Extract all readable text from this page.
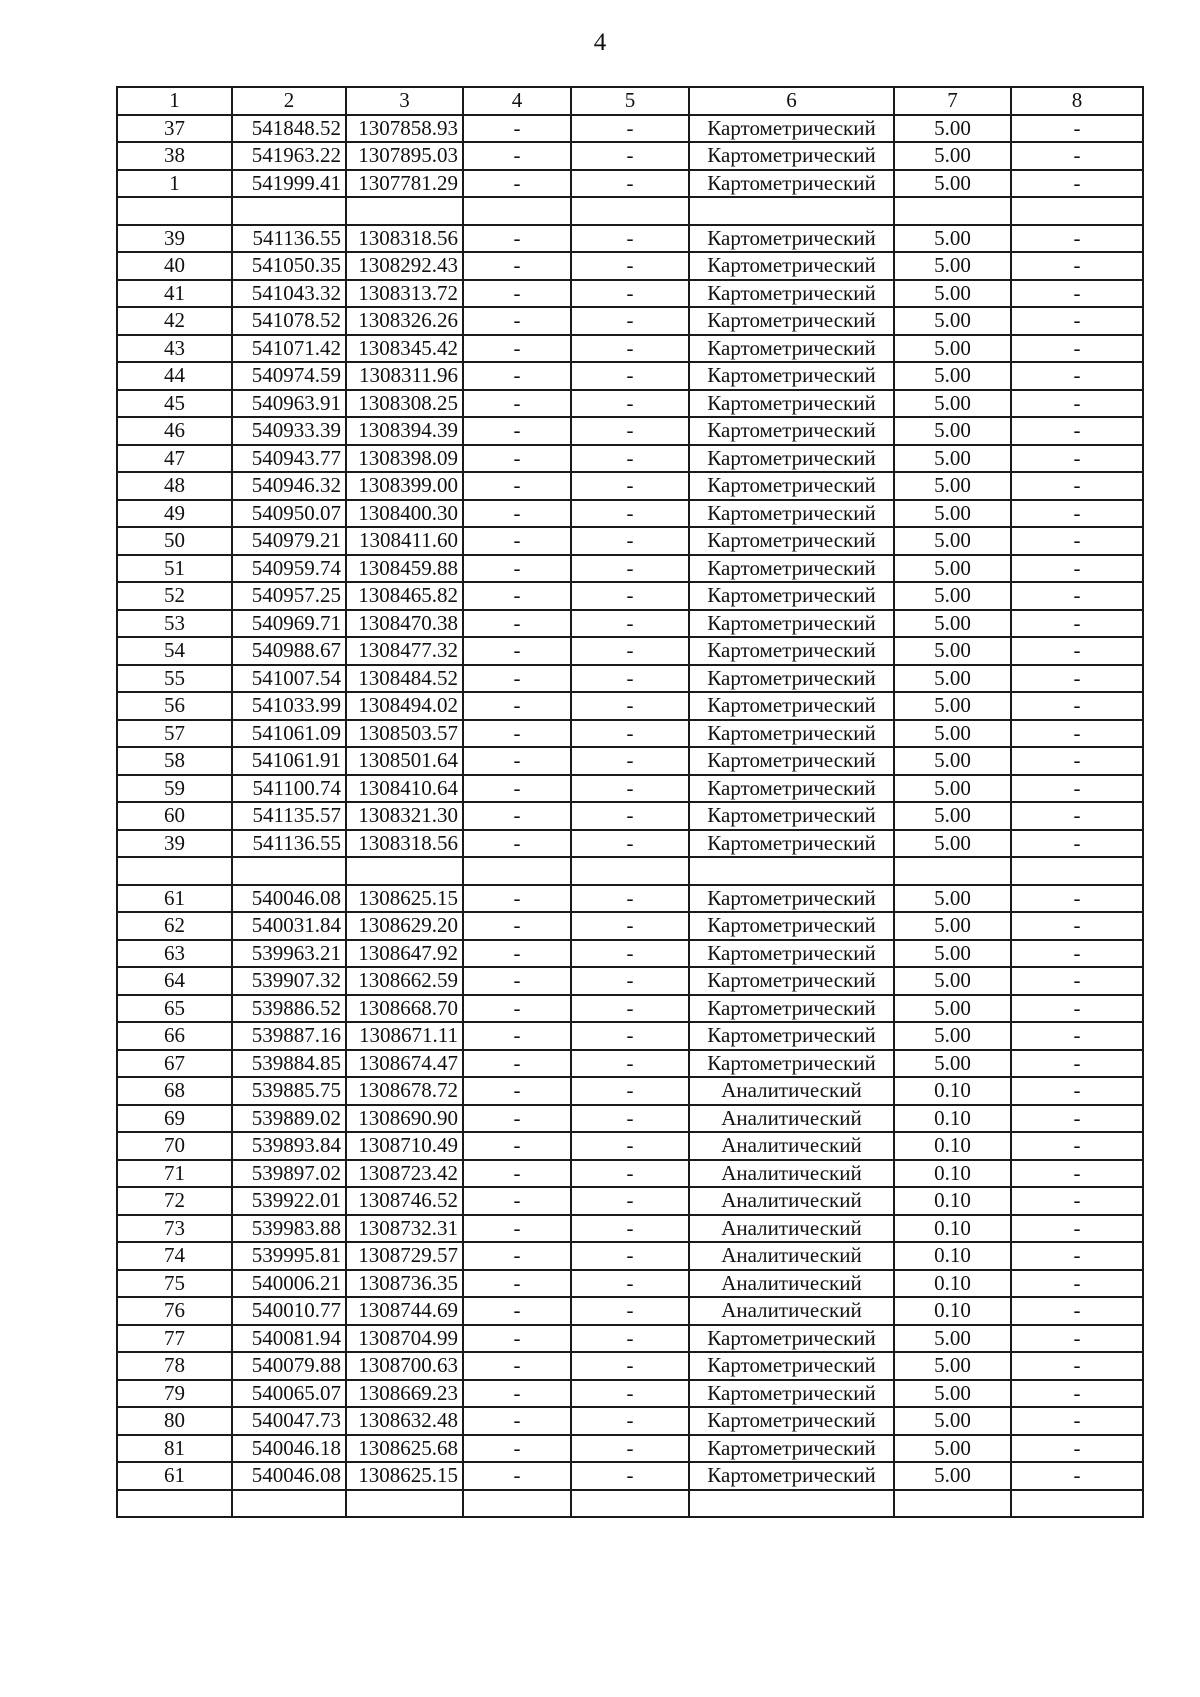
4
1	2	3	4	5	6	7	8
37	541848.52	1307858.93	-	-	Картометрический	5.00	-
38	541963.22	1307895.03	-	-	Картометрический	5.00	-
1	541999.41	1307781.29	-	-	Картометрический	5.00	-

39	541136.55	1308318.56	-	-	Картометрический	5.00	-
40	541050.35	1308292.43	-	-	Картометрический	5.00	-
41	541043.32	1308313.72	-	-	Картометрический	5.00	-
42	541078.52	1308326.26	-	-	Картометрический	5.00	-
43	541071.42	1308345.42	-	-	Картометрический	5.00	-
44	540974.59	1308311.96	-	-	Картометрический	5.00	-
45	540963.91	1308308.25	-	-	Картометрический	5.00	-
46	540933.39	1308394.39	-	-	Картометрический	5.00	-
47	540943.77	1308398.09	-	-	Картометрический	5.00	-
48	540946.32	1308399.00	-	-	Картометрический	5.00	-
49	540950.07	1308400.30	-	-	Картометрический	5.00	-
50	540979.21	1308411.60	-	-	Картометрический	5.00	-
51	540959.74	1308459.88	-	-	Картометрический	5.00	-
52	540957.25	1308465.82	-	-	Картометрический	5.00	-
53	540969.71	1308470.38	-	-	Картометрический	5.00	-
54	540988.67	1308477.32	-	-	Картометрический	5.00	-
55	541007.54	1308484.52	-	-	Картометрический	5.00	-
56	541033.99	1308494.02	-	-	Картометрический	5.00	-
57	541061.09	1308503.57	-	-	Картометрический	5.00	-
58	541061.91	1308501.64	-	-	Картометрический	5.00	-
59	541100.74	1308410.64	-	-	Картометрический	5.00	-
60	541135.57	1308321.30	-	-	Картометрический	5.00	-
39	541136.55	1308318.56	-	-	Картометрический	5.00	-

61	540046.08	1308625.15	-	-	Картометрический	5.00	-
62	540031.84	1308629.20	-	-	Картометрический	5.00	-
63	539963.21	1308647.92	-	-	Картометрический	5.00	-
64	539907.32	1308662.59	-	-	Картометрический	5.00	-
65	539886.52	1308668.70	-	-	Картометрический	5.00	-
66	539887.16	1308671.11	-	-	Картометрический	5.00	-
67	539884.85	1308674.47	-	-	Картометрический	5.00	-
68	539885.75	1308678.72	-	-	Аналитический	0.10	-
69	539889.02	1308690.90	-	-	Аналитический	0.10	-
70	539893.84	1308710.49	-	-	Аналитический	0.10	-
71	539897.02	1308723.42	-	-	Аналитический	0.10	-
72	539922.01	1308746.52	-	-	Аналитический	0.10	-
73	539983.88	1308732.31	-	-	Аналитический	0.10	-
74	539995.81	1308729.57	-	-	Аналитический	0.10	-
75	540006.21	1308736.35	-	-	Аналитический	0.10	-
76	540010.77	1308744.69	-	-	Аналитический	0.10	-
77	540081.94	1308704.99	-	-	Картометрический	5.00	-
78	540079.88	1308700.63	-	-	Картометрический	5.00	-
79	540065.07	1308669.23	-	-	Картометрический	5.00	-
80	540047.73	1308632.48	-	-	Картометрический	5.00	-
81	540046.18	1308625.68	-	-	Картометрический	5.00	-
61	540046.08	1308625.15	-	-	Картометрический	5.00	-
